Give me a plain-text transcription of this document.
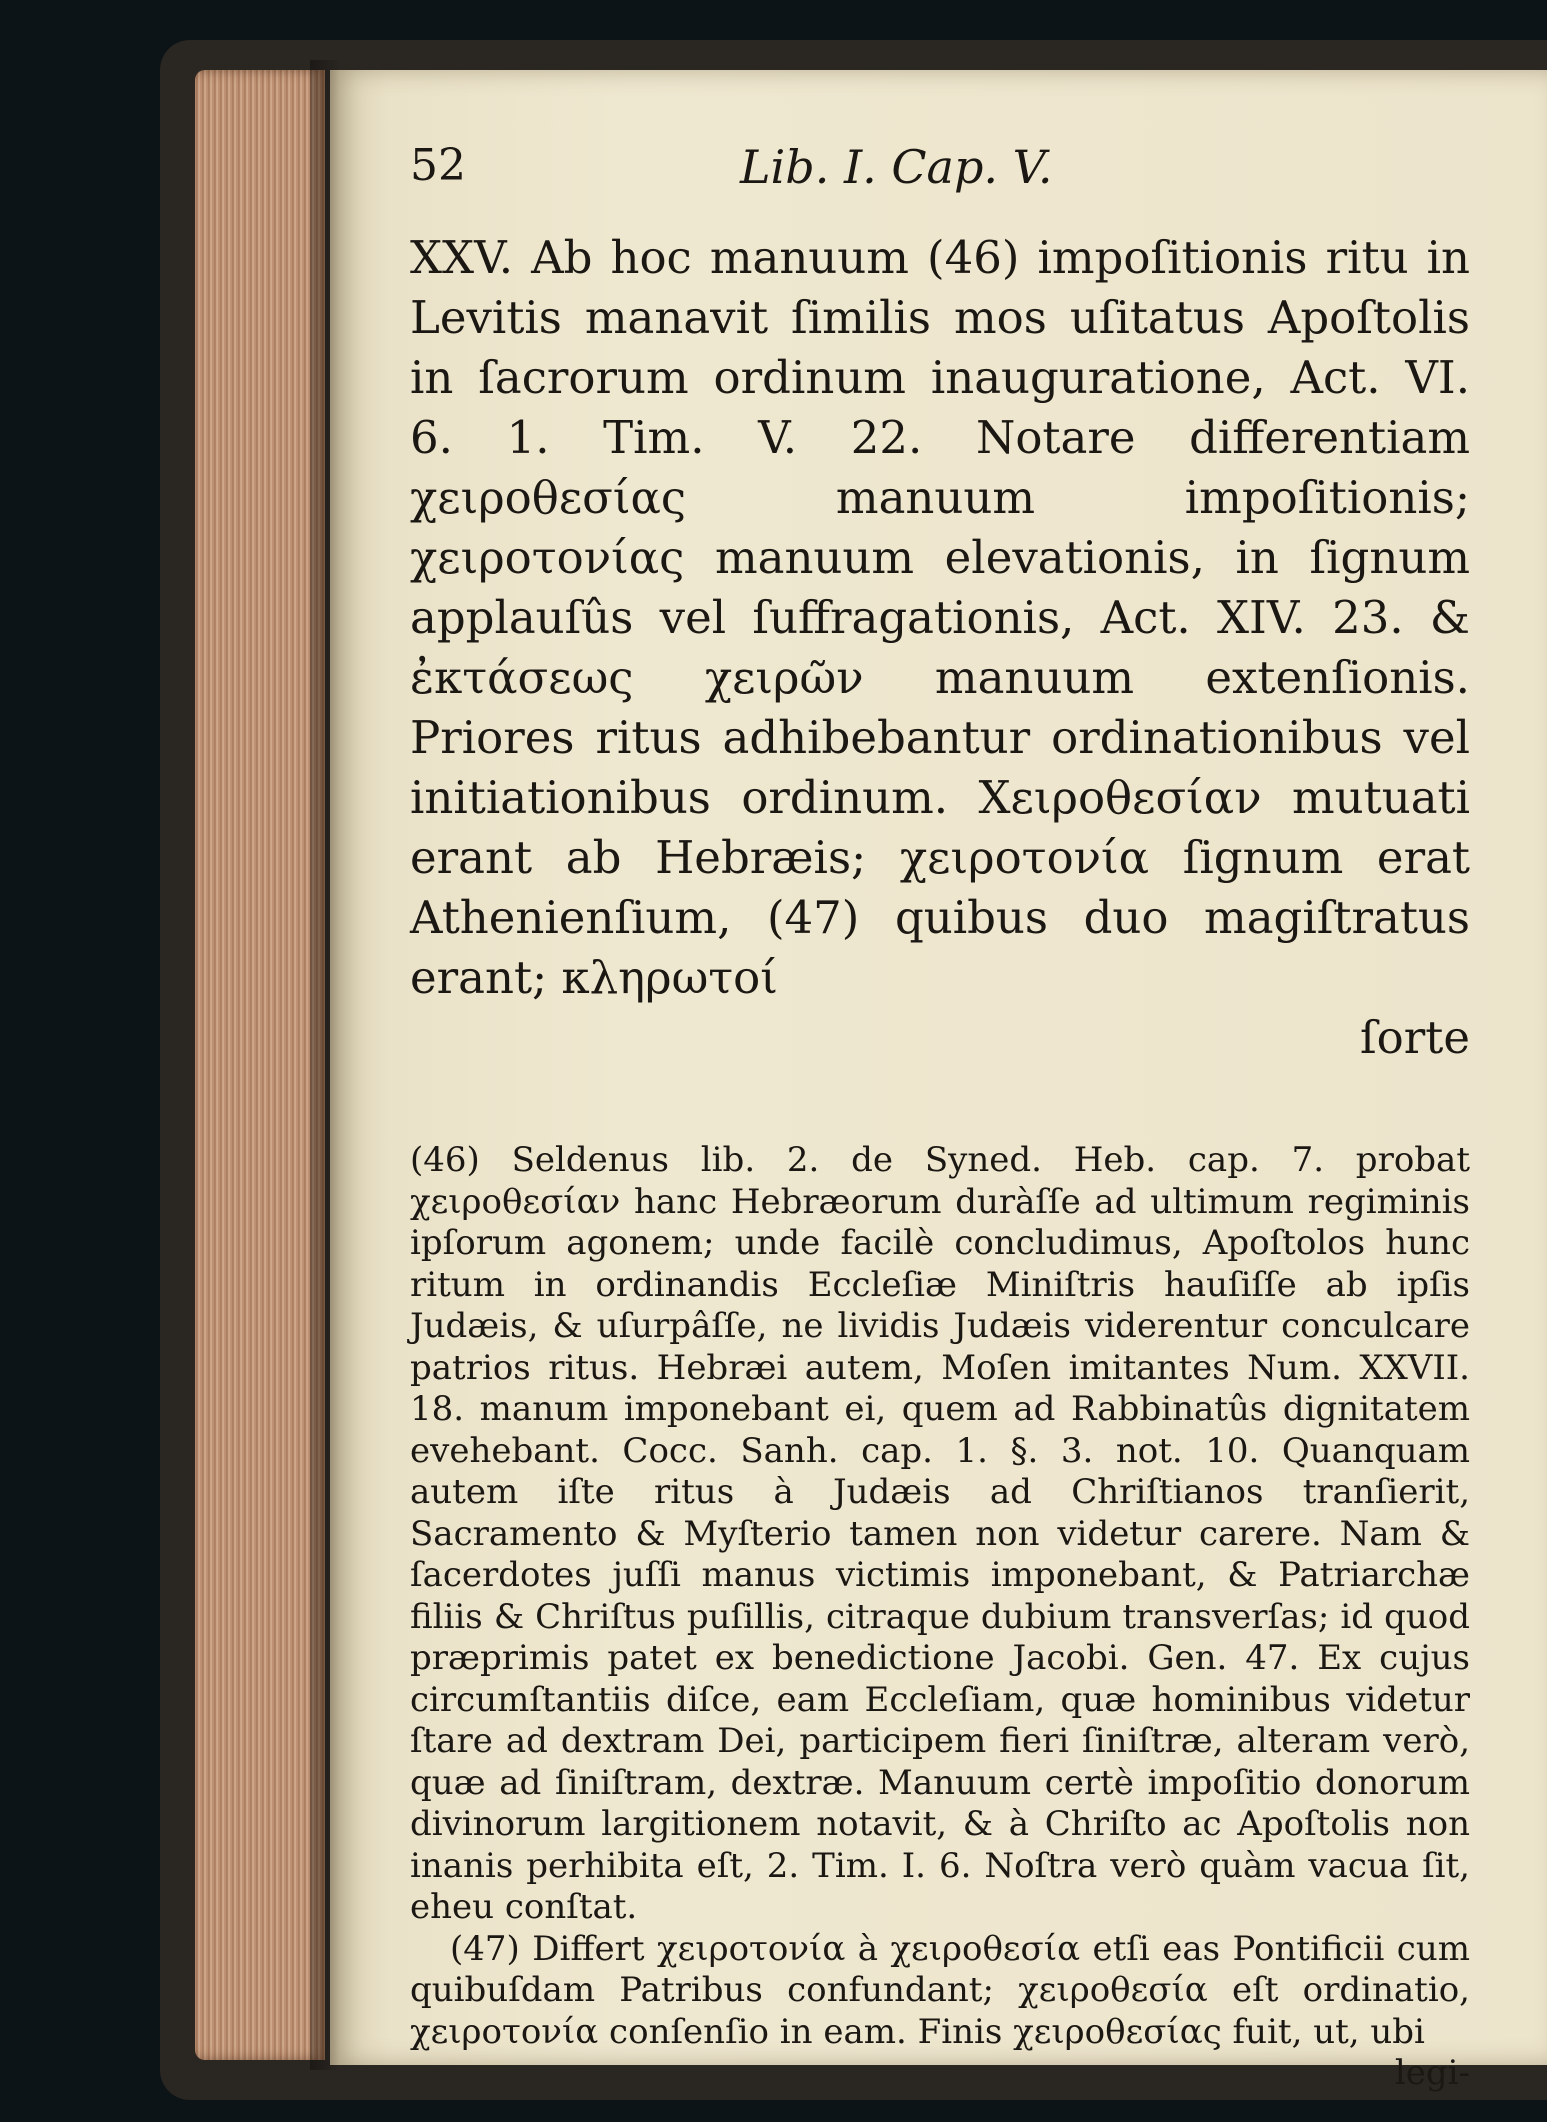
52	Lib. I. Cap. V.

XXV. Ab hoc manuum (46) impoſitionis ritu in Levitis manavit ſimilis mos uſitatus Apoſtolis in ſacrorum ordinum inauguratione, Act. VI. 6. 1. Tim. V. 22. Notare differentiam χειροθεσίας manuum impoſitionis; χειροτονίας manuum elevationis, in ſignum applauſûs vel ſuffragationis, Act. XIV. 23. & ἐκτάσεως χειρῶν manuum extenſionis. Priores ritus adhibebantur ordinationibus vel initiationibus ordinum. Χειροθεσίαν mutuati erant ab Hebræis; χειροτονία ſignum erat Athenienſium, (47) quibus duo magiſtratus erant; κληρωτοί

ſorte

(46) Seldenus lib. 2. de Syned. Heb. cap. 7. probat χειροθεσίαν hanc Hebræorum duràſſe ad ultimum regiminis ipſorum agonem; unde facilè concludimus, Apoſtolos hunc ritum in ordinandis Eccleſiæ Miniſtris hauſiſſe ab ipſis Judæis, & uſurpâſſe, ne lividis Judæis viderentur conculcare patrios ritus. Hebræi autem, Moſen imitantes Num. XXVII. 18. manum imponebant ei, quem ad Rabbinatûs dignitatem evehebant. Cocc. Sanh. cap. 1. §. 3. not. 10. Quanquam autem iſte ritus à Judæis ad Chriſtianos tranſierit, Sacramento & Myſterio tamen non videtur carere. Nam & ſacerdotes juſſi manus victimis imponebant, & Patriarchæ filiis & Chriſtus puſillis, citraque dubium transverſas; id quod præprimis patet ex benedictione Jacobi. Gen. 47. Ex cujus circumſtantiis diſce, eam Eccleſiam, quæ hominibus videtur ſtare ad dextram Dei, participem fieri ſiniſtræ, alteram verò, quæ ad ſiniſtram, dextræ. Manuum certè impoſitio donorum divinorum largitionem notavit, & à Chriſto ac Apoſtolis non inanis perhibita eſt, 2. Tim. I. 6. Noſtra verò quàm vacua ſit, eheu conſtat.

(47) Differt χειροτονία à χειροθεσία etſi eas Pontificii cum quibuſdam Patribus confundant; χειροθεσία eſt ordinatio, χειροτονία conſenſio in eam. Finis χειροθεσίας fuit, ut, ubi

legi-
